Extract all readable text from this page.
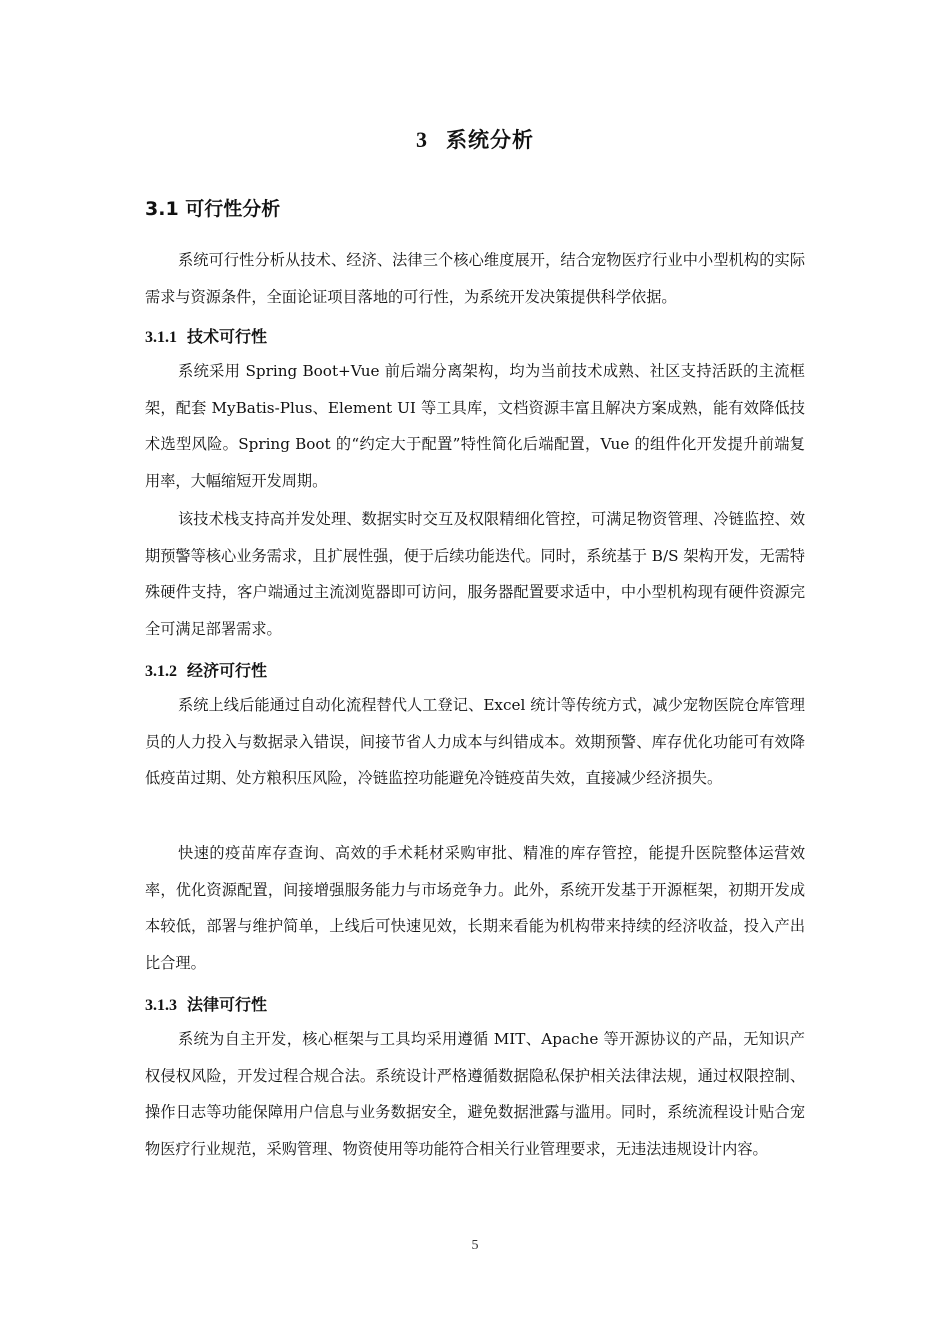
3 系统分析
3.1 可行性分析

系统可行性分析从技术、经济、法律三个核心维度展开，结合宠物医疗行业中小型机构的实际需求与资源条件，全面论证项目落地的可行性，为系统开发决策提供科学依据。

3.1.1 技术可行性

系统采用 Spring Boot+Vue 前后端分离架构，均为当前技术成熟、社区支持活跃的主流框架，配套 MyBatis-Plus、Element UI 等工具库，文档资源丰富且解决方案成熟，能有效降低技术选型风险。Spring Boot 的“约定大于配置”特性简化后端配置，Vue 的组件化开发提升前端复用率，大幅缩短开发周期。

该技术栈支持高并发处理、数据实时交互及权限精细化管控，可满足物资管理、冷链监控、效期预警等核心业务需求，且扩展性强，便于后续功能迭代。同时，系统基于 B/S 架构开发，无需特殊硬件支持，客户端通过主流浏览器即可访问，服务器配置要求适中，中小型机构现有硬件资源完全可满足部署需求。

3.1.2 经济可行性

系统上线后能通过自动化流程替代人工登记、Excel 统计等传统方式，减少宠物医院仓库管理员的人力投入与数据录入错误，间接节省人力成本与纠错成本。效期预警、库存优化功能可有效降低疫苗过期、处方粮积压风险，冷链监控功能避免冷链疫苗失效，直接减少经济损失。

快速的疫苗库存查询、高效的手术耗材采购审批、精准的库存管控，能提升医院整体运营效率，优化资源配置，间接增强服务能力与市场竞争力。此外，系统开发基于开源框架，初期开发成本较低，部署与维护简单，上线后可快速见效，长期来看能为机构带来持续的经济收益，投入产出比合理。

3.1.3 法律可行性

系统为自主开发，核心框架与工具均采用遵循 MIT、Apache 等开源协议的产品，无知识产权侵权风险，开发过程合规合法。系统设计严格遵循数据隐私保护相关法律法规，通过权限控制、操作日志等功能保障用户信息与业务数据安全，避免数据泄露与滥用。同时，系统流程设计贴合宠物医疗行业规范，采购管理、物资使用等功能符合相关行业管理要求，无违法违规设计内容。

5
